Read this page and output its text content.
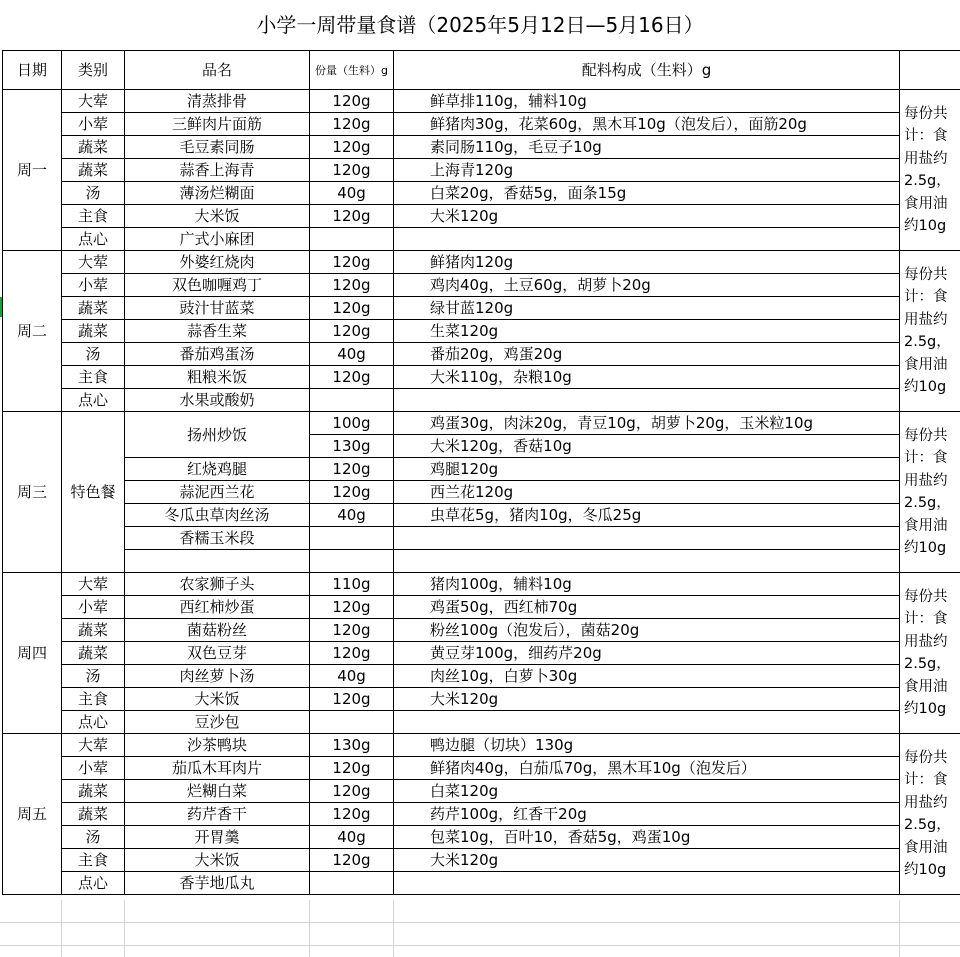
小学一周带量食谱（2025年5月12日—5月16日）
日期	类别	品名	份量（生料）g	配料构成（生料）g	
周一	大荤	清蒸排骨	120g	鲜草排110g，辅料10g	每份共计：食用盐约2.5g，食用油约10g
	小荤	三鲜肉片面筋	120g	鲜猪肉30g，花菜60g，黑木耳10g（泡发后），面筋20g	
	蔬菜	毛豆素同肠	120g	素同肠110g，毛豆子10g	
	蔬菜	蒜香上海青	120g	上海青120g	
	汤	薄汤烂糊面	40g	白菜20g，香菇5g，面条15g	
	主食	大米饭	120g	大米120g	
	点心	广式小麻团			
周二	大荤	外婆红烧肉	120g	鲜猪肉120g	每份共计：食用盐约2.5g，食用油约10g
	小荤	双色咖喱鸡丁	120g	鸡肉40g，土豆60g，胡萝卜20g	
	蔬菜	豉汁甘蓝菜	120g	绿甘蓝120g	
	蔬菜	蒜香生菜	120g	生菜120g	
	汤	番茄鸡蛋汤	40g	番茄20g，鸡蛋20g	
	主食	粗粮米饭	120g	大米110g，杂粮10g	
	点心	水果或酸奶			
周三	特色餐	扬州炒饭	100g	鸡蛋30g，肉沫20g，青豆10g，胡萝卜20g，玉米粒10g	每份共计：食用盐约2.5g，食用油约10g
			130g	大米120g，香菇10g	
		红烧鸡腿	120g	鸡腿120g	
		蒜泥西兰花	120g	西兰花120g	
		冬瓜虫草肉丝汤	40g	虫草花5g，猪肉10g，冬瓜25g	
		香糯玉米段			

周四	大荤	农家狮子头	110g	猪肉100g，辅料10g	每份共计：食用盐约2.5g，食用油约10g
	小荤	西红柿炒蛋	120g	鸡蛋50g，西红柿70g	
	蔬菜	菌菇粉丝	120g	粉丝100g（泡发后），菌菇20g	
	蔬菜	双色豆芽	120g	黄豆芽100g，细药芹20g	
	汤	肉丝萝卜汤	40g	肉丝10g，白萝卜30g	
	主食	大米饭	120g	大米120g	
	点心	豆沙包			
周五	大荤	沙茶鸭块	130g	鸭边腿（切块）130g	每份共计：食用盐约2.5g，食用油约10g
	小荤	茄瓜木耳肉片	120g	鲜猪肉40g，白茄瓜70g，黑木耳10g（泡发后）	
	蔬菜	烂糊白菜	120g	白菜120g	
	蔬菜	药芹香干	120g	药芹100g，红香干20g	
	汤	开胃羹	40g	包菜10g，百叶10，香菇5g，鸡蛋10g	
	主食	大米饭	120g	大米120g	
	点心	香芋地瓜丸			
